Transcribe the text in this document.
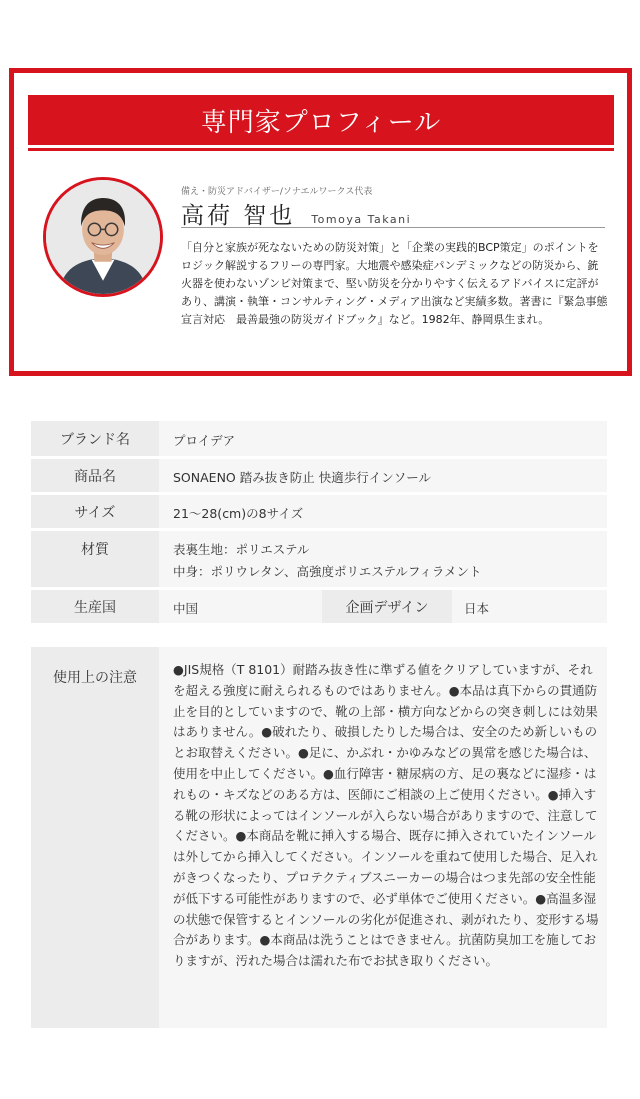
専門家プロフィール
備え・防災アドバイザー/ソナエルワークス代表
高荷 智也 Tomoya Takani

「自分と家族が死なないための防災対策」と「企業の実践的BCP策定」のポイントをロジック解説するフリーの専門家。大地震や感染症パンデミックなどの防災から、銃火器を使わないゾンビ対策まで、堅い防災を分かりやすく伝えるアドバイスに定評があり、講演・執筆・コンサルティング・メディア出演など実績多数。著書に『緊急事態宣言対応　最善最強の防災ガイドブック』など。1982年、静岡県生まれ。

ブランド名	プロイデア
商品名	SONAENO 踏み抜き防止 快適歩行インソール
サイズ	21〜28(cm)の8サイズ
材質	表裏生地：ポリエステル
中身：ポリウレタン、高強度ポリエステルフィラメント
生産国	中国	企画デザイン	日本
使用上の注意

●JIS規格（T 8101）耐踏み抜き性に準ずる値をクリアしていますが、それを超える強度に耐えられるものではありません。●本品は真下からの貫通防止を目的としていますので、靴の上部・横方向などからの突き刺しには効果はありません。●破れたり、破損したりした場合は、安全のため新しいものとお取替えください。●足に、かぶれ・かゆみなどの異常を感じた場合は、使用を中止してください。●血行障害・糖尿病の方、足の裏などに湿疹・はれもの・キズなどのある方は、医師にご相談の上ご使用ください。●挿入する靴の形状によってはインソールが入らない場合がありますので、注意してください。●本商品を靴に挿入する場合、既存に挿入されていたインソールは外してから挿入してください。インソールを重ねて使用した場合、足入れがきつくなったり、プロテクティブスニーカーの場合はつま先部の安全性能が低下する可能性がありますので、必ず単体でご使用ください。●高温多湿の状態で保管するとインソールの劣化が促進され、剥がれたり、変形する場合があります。●本商品は洗うことはできません。抗菌防臭加工を施しておりますが、汚れた場合は濡れた布でお拭き取りください。
